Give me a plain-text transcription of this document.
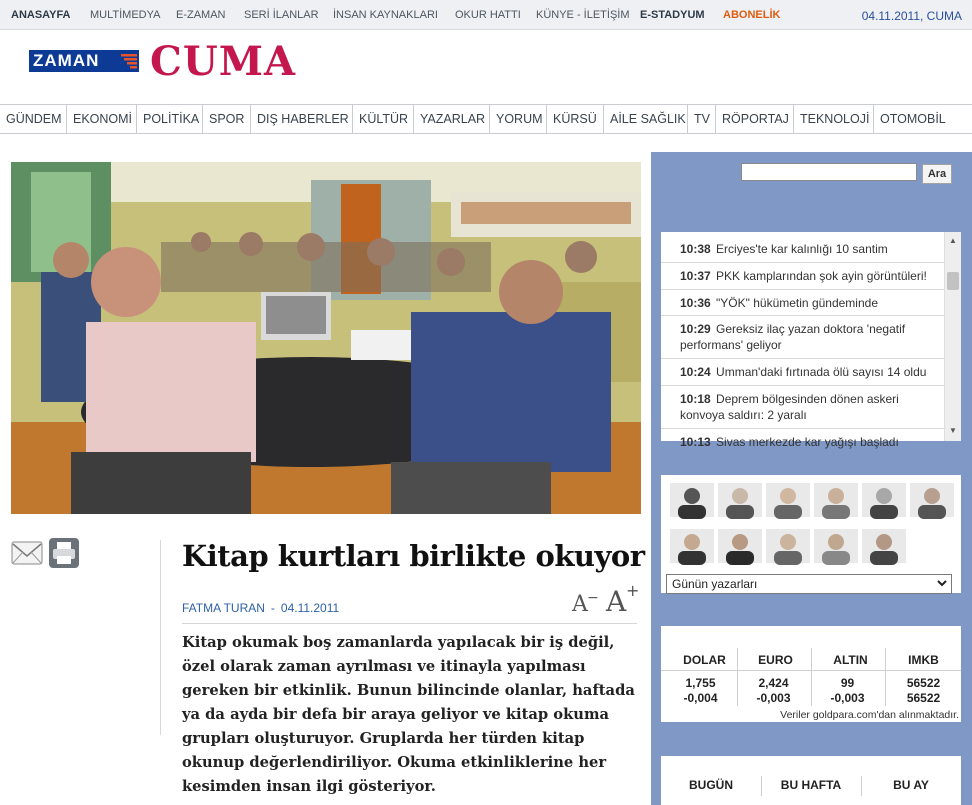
ANASAYFA MULTİMEDYA E-ZAMAN SERİ İLANLAR İNSAN KAYNAKLARI OKUR HATTI KÜNYE - İLETİŞİM E-STADYUM ABONELİK	04.11.2011, CUMA
ZAMAN	CUMA
GÜNDEM EKONOMİ POLİTİKA SPOR	DIŞ HABERLER KÜLTÜR YAZARLAR YORUM KÜRSÜ	AİLE SAĞLIK TV RÖPORTAJ TEKNOLOJİ OTOMOBİL
Kitap kurtları birlikte okuyor
FATMA TURAN - 04.11.2011	A − A +

Kitap okumak boş zamanlarda yapılacak bir iş değil, özel olarak zaman ayrılması ve itinayla yapılması gereken bir etkinlik. Bunun bilincinde olanlar, haftada ya da ayda bir defa bir araya geliyor ve kitap okuma grupları oluşturuyor. Gruplarda her türden kitap okunup değerlendiriliyor. Okuma etkinliklerine her kesimden insan ilgi gösteriyor.

Ara
10:38 Erciyes'te kar kalınlığı 10 santim
10:37 PKK kamplarından şok ayin görüntüleri!
10:36 "YÖK" hükümetin gündeminde
10:29 Gereksiz ilaç yazan doktora 'negatif performans' geliyor
10:24 Umman'daki fırtınada ölü sayısı 14 oldu
10:18 Deprem bölgesinden dönen askeri konvoya saldırı: 2 yaralı
10:13 Sivas merkezde kar yağışı başladı
▲
▼
Günün yazarları
DOLAR	EURO	ALTIN	IMKB
1,755	2,424	99	56522
-0,004	-0,003	-0,003	56522
Veriler goldpara.com'dan alınmaktadır.
BUGÜN	BU HAFTA	BU AY
